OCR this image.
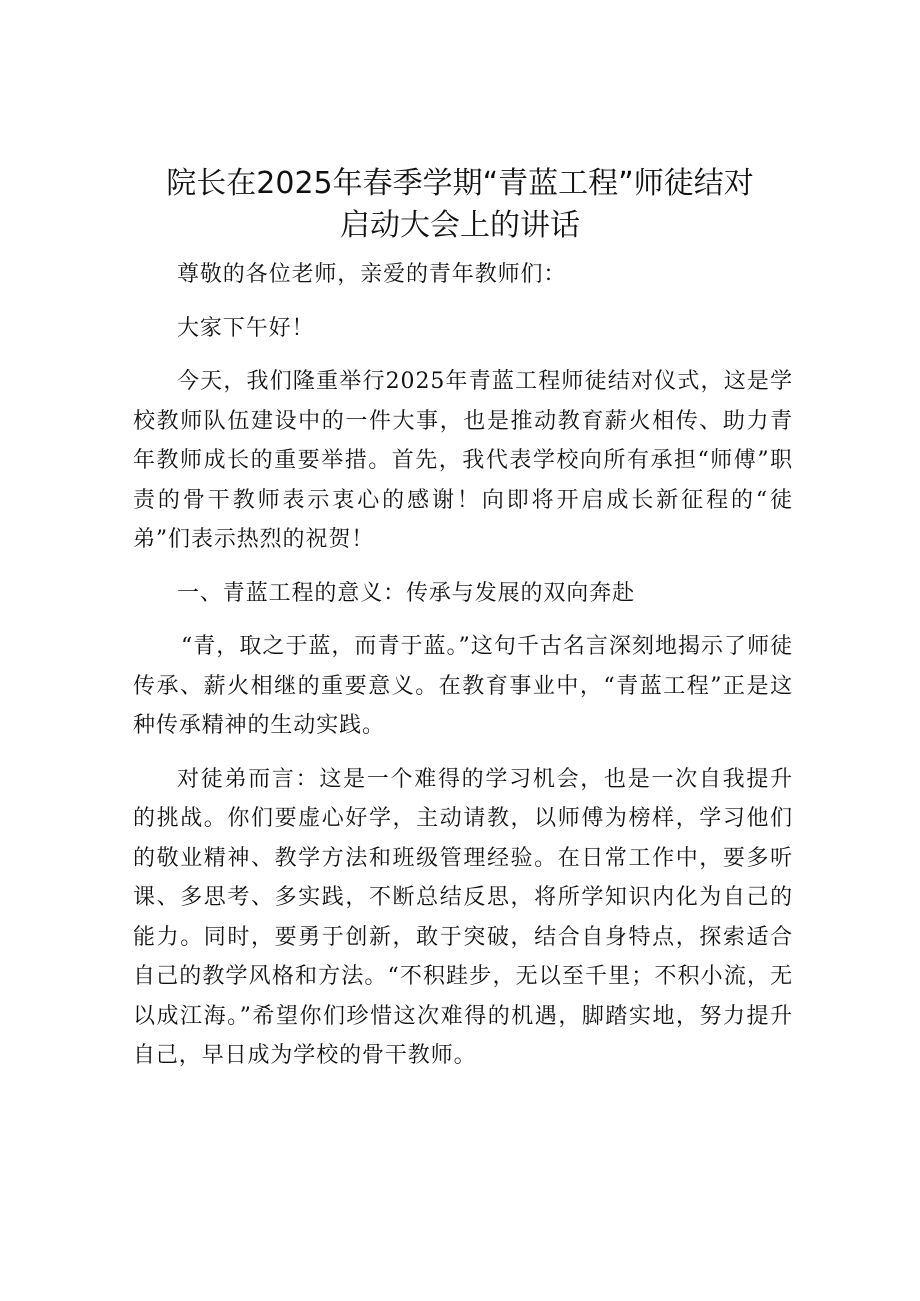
院长在2025年春季学期“青蓝工程”师徒结对
启动大会上的讲话

尊敬的各位老师，亲爱的青年教师们：

大家下午好！

今天，我们隆重举行2025年青蓝工程师徒结对仪式，这是学校教师队伍建设中的一件大事，也是推动教育薪火相传、助力青年教师成长的重要举措。首先，我代表学校向所有承担“师傅”职责的骨干教师表示衷心的感谢！向即将开启成长新征程的“徒弟”们表示热烈的祝贺！

一、青蓝工程的意义：传承与发展的双向奔赴

“青，取之于蓝，而青于蓝。”这句千古名言深刻地揭示了师徒传承、薪火相继的重要意义。在教育事业中，“青蓝工程”正是这种传承精神的生动实践。

对徒弟而言：这是一个难得的学习机会，也是一次自我提升的挑战。你们要虚心好学，主动请教，以师傅为榜样，学习他们的敬业精神、教学方法和班级管理经验。在日常工作中，要多听课、多思考、多实践，不断总结反思，将所学知识内化为自己的能力。同时，要勇于创新，敢于突破，结合自身特点，探索适合自己的教学风格和方法。“不积跬步，无以至千里；不积小流，无以成江海。”希望你们珍惜这次难得的机遇，脚踏实地，努力提升自己，早日成为学校的骨干教师。
